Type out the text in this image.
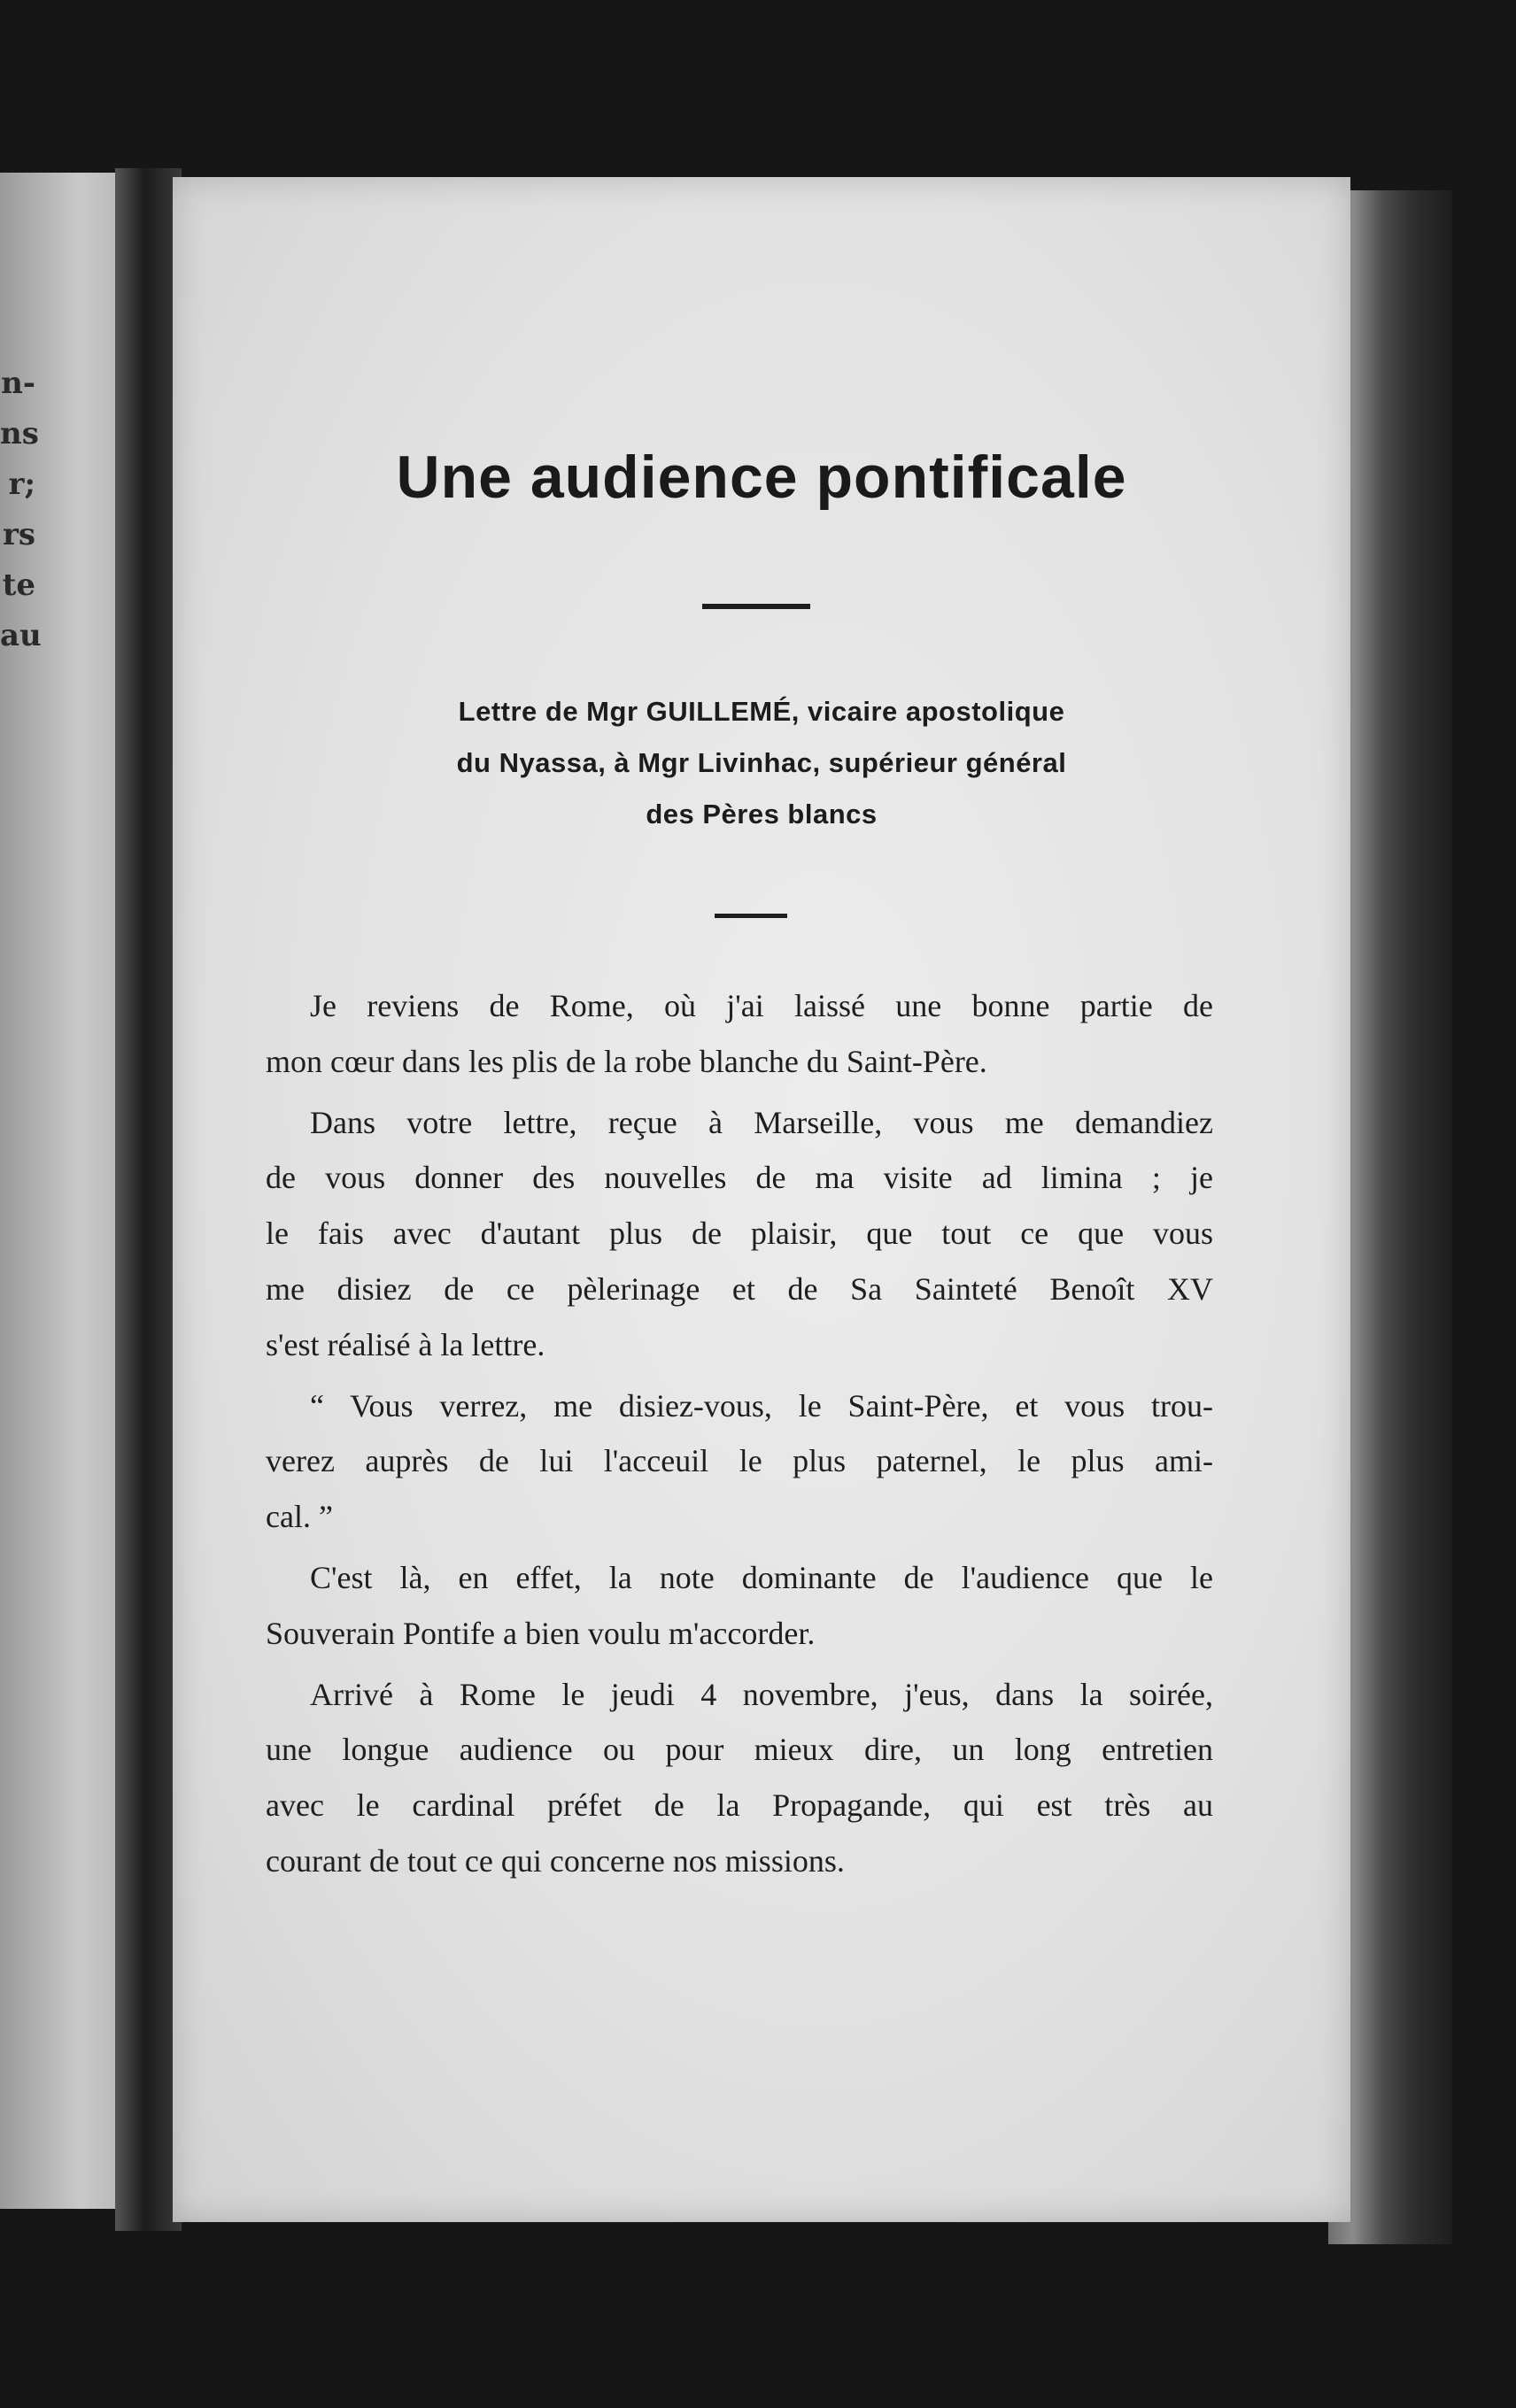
n-
ns
r;
rs
te
au
Une audience pontificale
Lettre de Mgr GUILLEMÉ, vicaire apostolique
du Nyassa, à Mgr Livinhac, supérieur général
des Pères blancs

Je reviens de Rome, où j'ai laissé une bonne partie de
mon cœur dans les plis de la robe blanche du Saint-Père.

Dans votre lettre, reçue à Marseille, vous me demandiez
de vous donner des nouvelles de ma visite ad limina ; je
le fais avec d'autant plus de plaisir, que tout ce que vous
me disiez de ce pèlerinage et de Sa Sainteté Benoît XV
s'est réalisé à la lettre.

“ Vous verrez, me disiez-vous, le Saint-Père, et vous trou-
verez auprès de lui l'acceuil le plus paternel, le plus ami-
cal. ”

C'est là, en effet, la note dominante de l'audience que le
Souverain Pontife a bien voulu m'accorder.

Arrivé à Rome le jeudi 4 novembre, j'eus, dans la soirée,
une longue audience ou pour mieux dire, un long entretien
avec le cardinal préfet de la Propagande, qui est très au
courant de tout ce qui concerne nos missions.
